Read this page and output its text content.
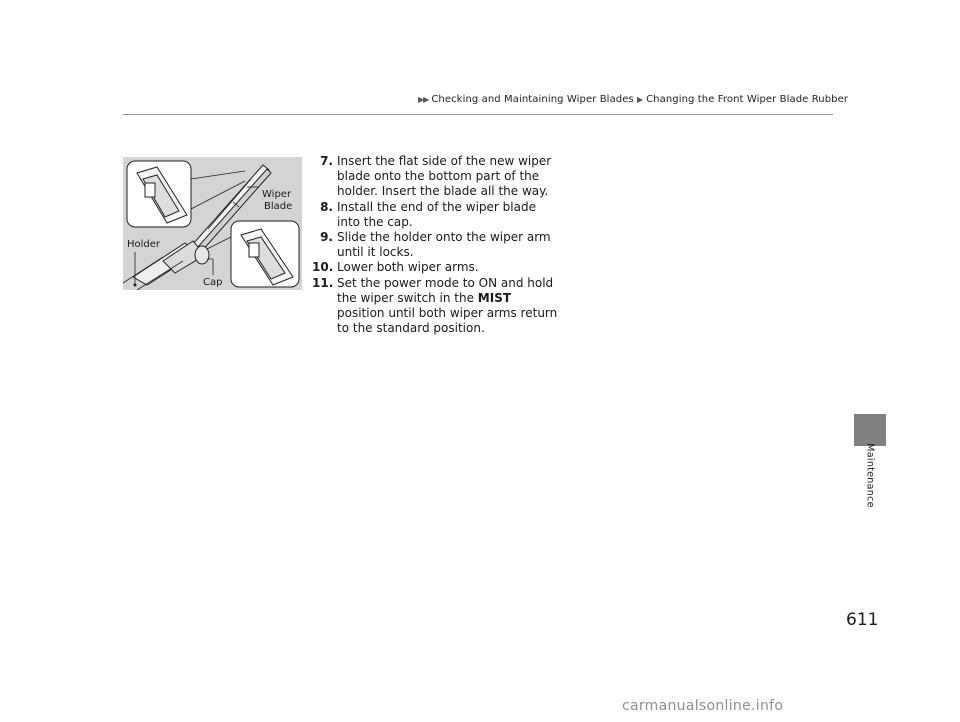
▶▶ Checking and Maintaining Wiper Blades ▶ Changing the Front Wiper Blade Rubber
Wiper
Blade
Holder
Cap
7. Insert the flat side of the new wiper blade onto the bottom part of the holder. Insert the blade all the way.
8. Install the end of the wiper blade into the cap.
9. Slide the holder onto the wiper arm until it locks.
10. Lower both wiper arms.
11. Set the power mode to ON and hold the wiper switch in the MIST position until both wiper arms return to the standard position.
Maintenance
611
carmanualsonline.info
